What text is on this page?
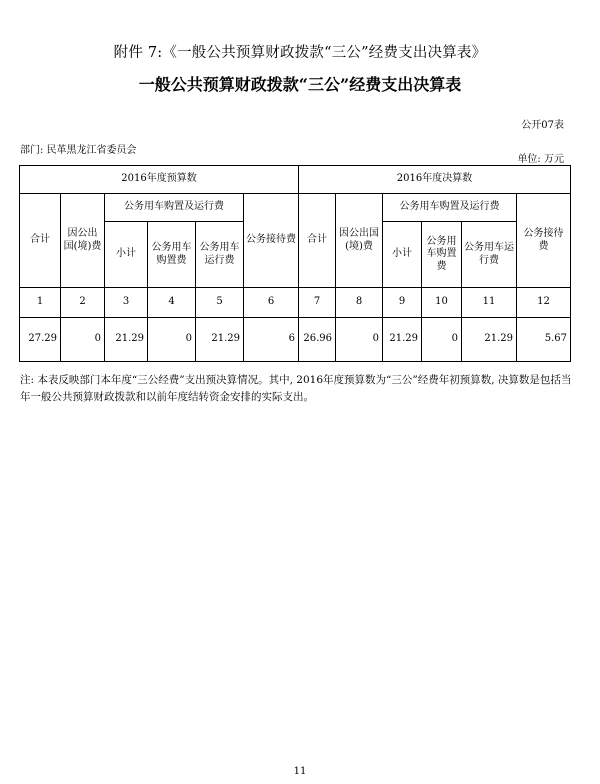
附件 7:《一般公共预算财政拨款“三公”经费支出决算表》
一般公共预算财政拨款“三公”经费支出决算表
公开07表
部门: 民革黑龙江省委员会
单位: 万元
2016年度预算数						2016年度决算数					
合计	因公出国(境)费	公务用车购置及运行费			公务接待费	合计	因公出国(境)费	公务用车购置及运行费			公务接待费
		小计	公务用车购置费	公务用车运行费				小计	公务用车购置费	公务用车运行费	
1	2	3	4	5	6	7	8	9	10	11	12
27.29	0	21.29	0	21.29	6	26.96	0	21.29	0	21.29	5.67
注: 本表反映部门本年度“三公经费”支出预决算情况。其中, 2016年度预算数为“三公”经费年初预算数, 决算数是包括当年一般公共预算财政拨款和以前年度结转资金安排的实际支出。
11
